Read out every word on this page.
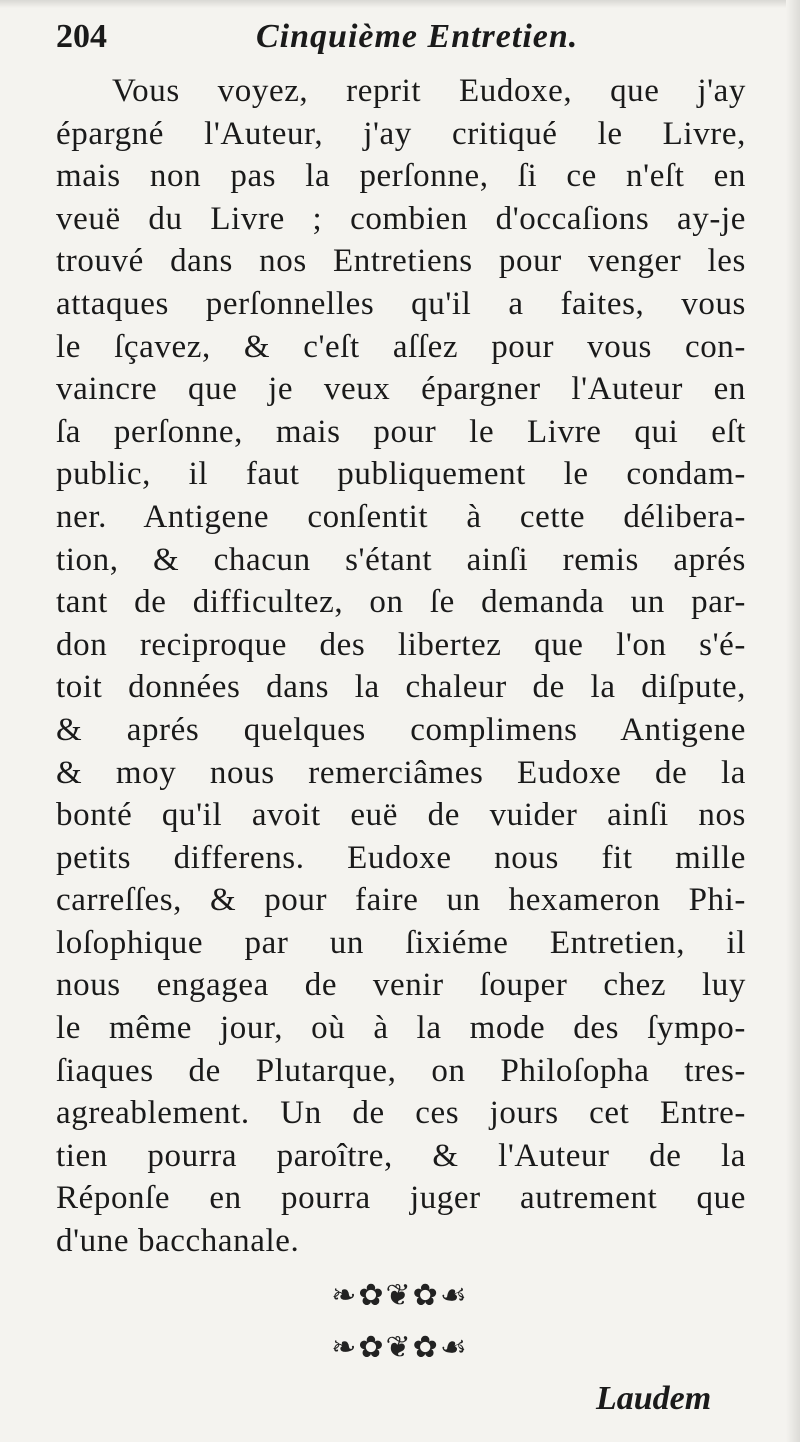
204	Cinquième Entretien.
Vous voyez, reprit Eudoxe, que j'ay
épargné l'Auteur, j'ay critiqué le Livre,
mais non pas la perſonne, ſi ce n'eſt en
veuë du Livre ; combien d'occaſions ay-je
trouvé dans nos Entretiens pour venger les
attaques perſonnelles qu'il a faites, vous
le ſçavez, & c'eſt aſſez pour vous con-
vaincre que je veux épargner l'Auteur en
ſa perſonne, mais pour le Livre qui eſt
public, il faut publiquement le condam-
ner. Antigene conſentit à cette délibera-
tion, & chacun s'étant ainſi remis aprés
tant de difficultez, on ſe demanda un par-
don reciproque des libertez que l'on s'é-
toit données dans la chaleur de la diſpute,
& aprés quelques complimens Antigene
& moy nous remerciâmes Eudoxe de la
bonté qu'il avoit euë de vuider ainſi nos
petits differens. Eudoxe nous fit mille
carreſſes, & pour faire un hexameron Phi-
loſophique par un ſixiéme Entretien, il
nous engagea de venir ſouper chez luy
le même jour, où à la mode des ſympo-
ſiaques de Plutarque, on Philoſopha tres-
agreablement. Un de ces jours cet Entre-
tien pourra paroître, & l'Auteur de la
Réponſe en pourra juger autrement que
d'une bacchanale.
❧✿❦✿☙
❧✿❦✿☙
Laudem
